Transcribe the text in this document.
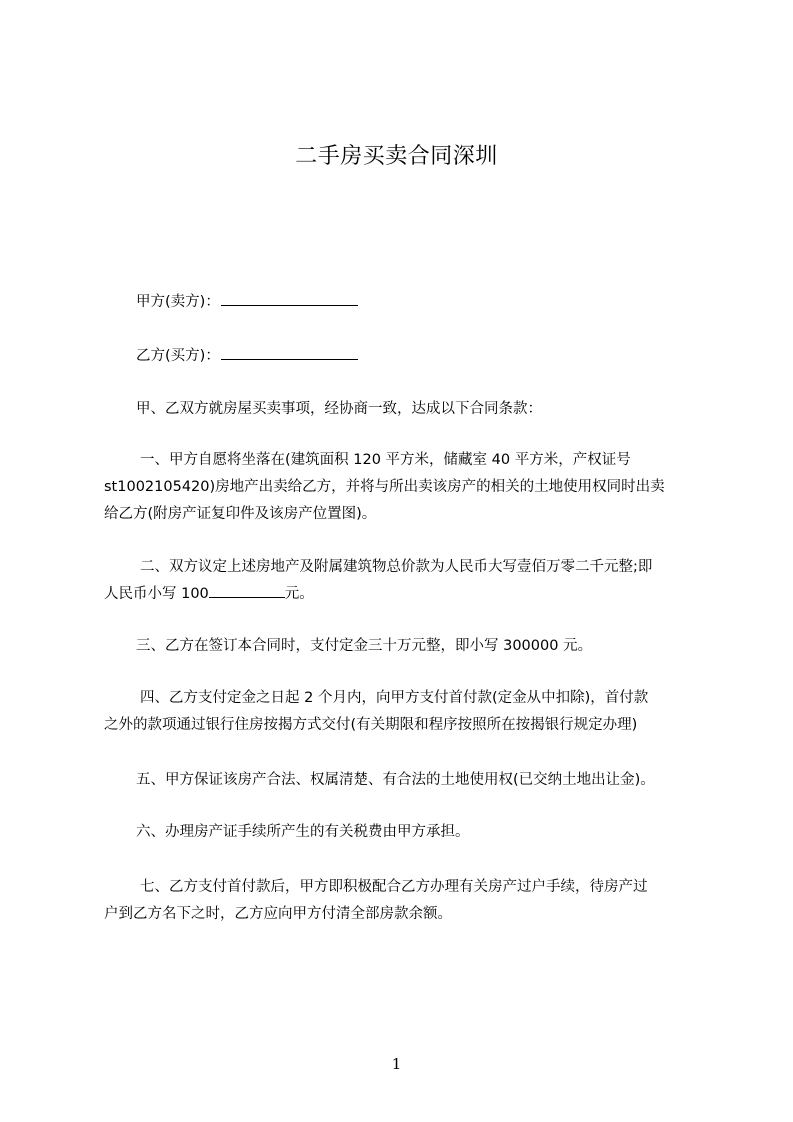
二手房买卖合同深圳
甲方(卖方)：
乙方(买方)：
甲、乙双方就房屋买卖事项，经协商一致，达成以下合同条款：
一、甲方自愿将坐落在(建筑面积 120 平方米，储藏室 40 平方米，产权证号
st1002105420)房地产出卖给乙方，并将与所出卖该房产的相关的土地使用权同时出卖
给乙方(附房产证复印件及该房产位置图)。
二、双方议定上述房地产及附属建筑物总价款为人民币大写壹佰万零二千元整;即
人民币小写 100	元。
三、乙方在签订本合同时，支付定金三十万元整，即小写 300000 元。
四、乙方支付定金之日起 2 个月内，向甲方支付首付款(定金从中扣除)，首付款
之外的款项通过银行住房按揭方式交付(有关期限和程序按照所在按揭银行规定办理)
五、甲方保证该房产合法、权属清楚、有合法的土地使用权(已交纳土地出让金)。
六、办理房产证手续所产生的有关税费由甲方承担。
七、乙方支付首付款后，甲方即积极配合乙方办理有关房产过户手续，待房产过
户到乙方名下之时，乙方应向甲方付清全部房款余额。
1
